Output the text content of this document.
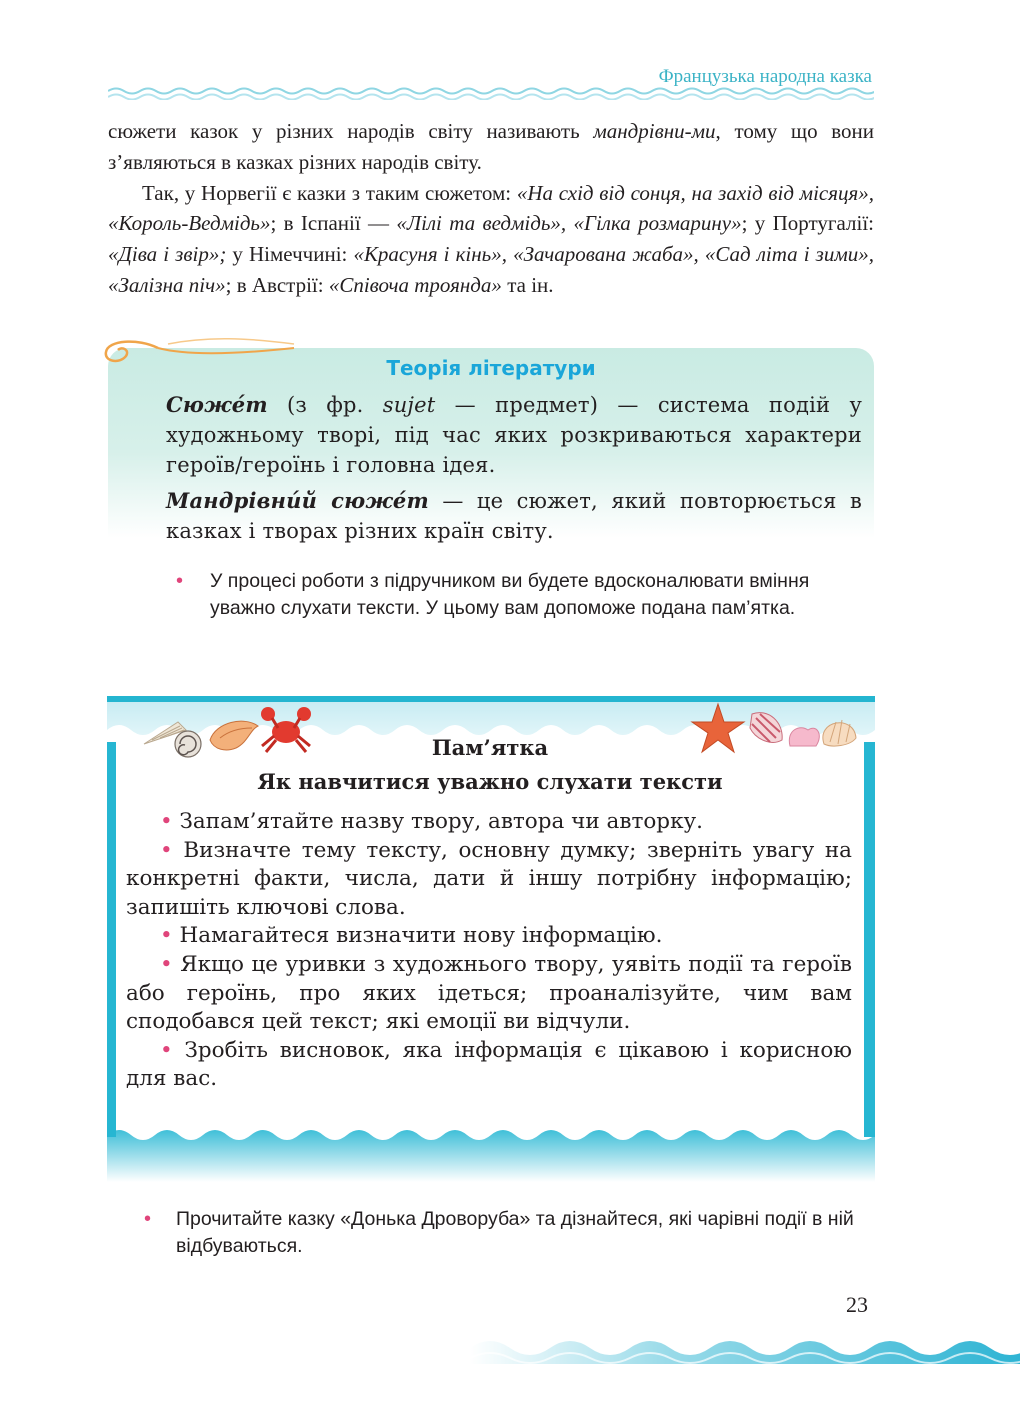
Французька народна казка

сюжети казок у різних народів світу називають мандрівни-ми, тому що вони з’являються в казках різних народів світу.

Так, у Норвегії є казки з таким сюжетом: «На схід від сонця, на захід від місяця», «Король-Ведмідь»; в Іспанії — «Лілі та ведмідь», «Гілка розмарину»; у Португалії: «Діва і звір»; у Німеччині: «Красуня і кінь», «Зачарована жаба», «Сад літа і зими», «Залізна піч»; в Австрії: «Співоча троянда» та ін.

Теорія літератури

Сюже́т (з фр. sujet — предмет) — система подій у художньому творі, під час яких розкриваються характери героїв/героїнь і головна ідея.

Мандрівни́й сюже́т — це сюжет, який повторюється в казках і творах різних країн світу.

• У процесі роботи з підручником ви будете вдосконалювати вміння уважно слухати тексти. У цьому вам допоможе подана пам’ятка.
Пам’ятка
Як навчитися уважно слухати тексти

• Запам’ятайте назву твору, автора чи авторку.

• Визначте тему тексту, основну думку; зверніть увагу на конкретні факти, числа, дати й іншу потрібну інформацію; запишіть ключові слова.

• Намагайтеся визначити нову інформацію.

• Якщо це уривки з художнього твору, уявіть події та героїв або героїнь, про яких ідеться; проаналізуйте, чим вам сподобався цей текст; які емоції ви відчули.

• Зробіть висновок, яка інформація є цікавою і корисною для вас.

• Прочитайте казку «Донька Дроворуба» та дізнайтеся, які чарівні події в ній відбуваються.
23
